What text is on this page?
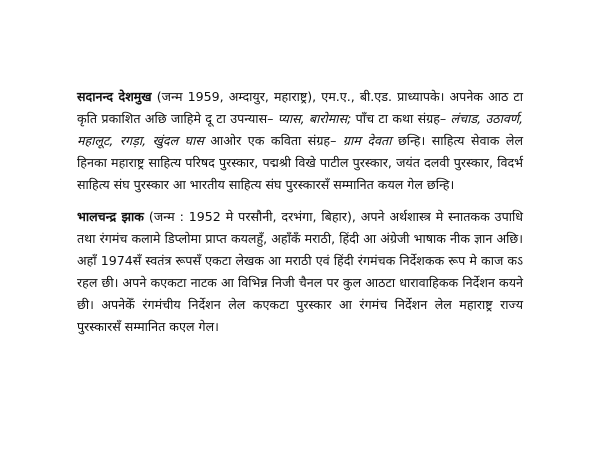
सदानन्द देशमुख (जन्म 1959, अम्दायुर, महाराष्ट्र), एम.ए., बी.एड. प्राध्यापके। अपनेक आठ टा कृति प्रकाशित अछि जाहिमे दू टा उपन्यास– प्यास, बारोमास; पाँच टा कथा संग्रह– लंचाड, उठावर्ण, महालूट, रगड़ा, खुंदल घास आओर एक कविता संग्रह– ग्राम देवता छन्हि। साहित्य सेवाक लेल हिनका महाराष्ट्र साहित्य परिषद पुरस्कार, पद्मश्री विखे पाटील पुरस्कार, जयंत दलवी पुरस्कार, विदर्भ साहित्य संघ पुरस्कार आ भारतीय साहित्य संघ पुरस्कारसँ सम्मानित कयल गेल छन्हि।

भालचन्द्र झाक (जन्म : 1952 मे परसौनी, दरभंगा, बिहार), अपने अर्थशास्त्र मे स्नातकक उपाधि तथा रंगमंच कलामे डिप्लोमा प्राप्त कयलहुँ, अहाँकँ मराठी, हिंदी आ अंग्रेजी भाषाक नीक ज्ञान अछि। अहाँ 1974सँ स्वतंत्र रूपसँ एकटा लेखक आ मराठी एवं हिंदी रंगमंचक निर्देशकक रूप मे काज कऽ रहल छी। अपने कएकटा नाटक आ विभिन्न निजी चैनल पर कुल आठटा धारावाहिकक निर्देशन कयने छी। अपनेकेँ रंगमंचीय निर्देशन लेल कएकटा पुरस्कार आ रंगमंच निर्देशन लेल महाराष्ट्र राज्य पुरस्कारसँ सम्मानित कएल गेल।
